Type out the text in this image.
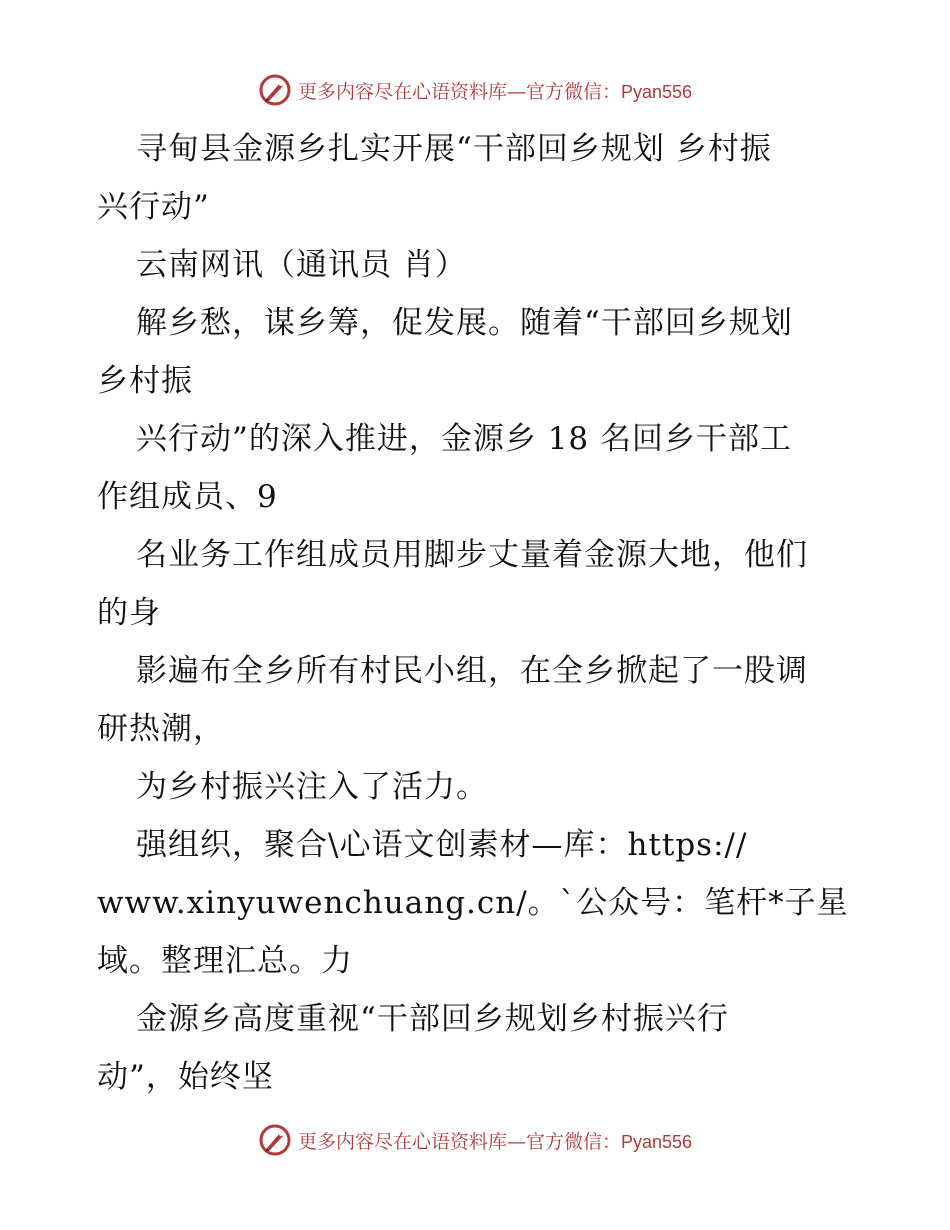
更多内容尽在心语资料库—官方微信：Pyan556
寻甸县金源乡扎实开展“干部回乡规划 乡村振
兴行动”
云南网讯（通讯员 肖）
解乡愁，谋乡筹，促发展。随着“干部回乡规划
乡村振
兴行动”的深入推进，金源乡 18 名回乡干部工
作组成员、9
名业务工作组成员用脚步丈量着金源大地，他们
的身
影遍布全乡所有村民小组，在全乡掀起了一股调
研热潮，
为乡村振兴注入了活力。
强组织，聚合\心语文创素材—库：https://
www.xinyuwenchuang.cn/。`公众号：笔杆*子星
域。整理汇总。力
金源乡高度重视“干部回乡规划乡村振兴行
动”，始终坚
更多内容尽在心语资料库—官方微信：Pyan556
